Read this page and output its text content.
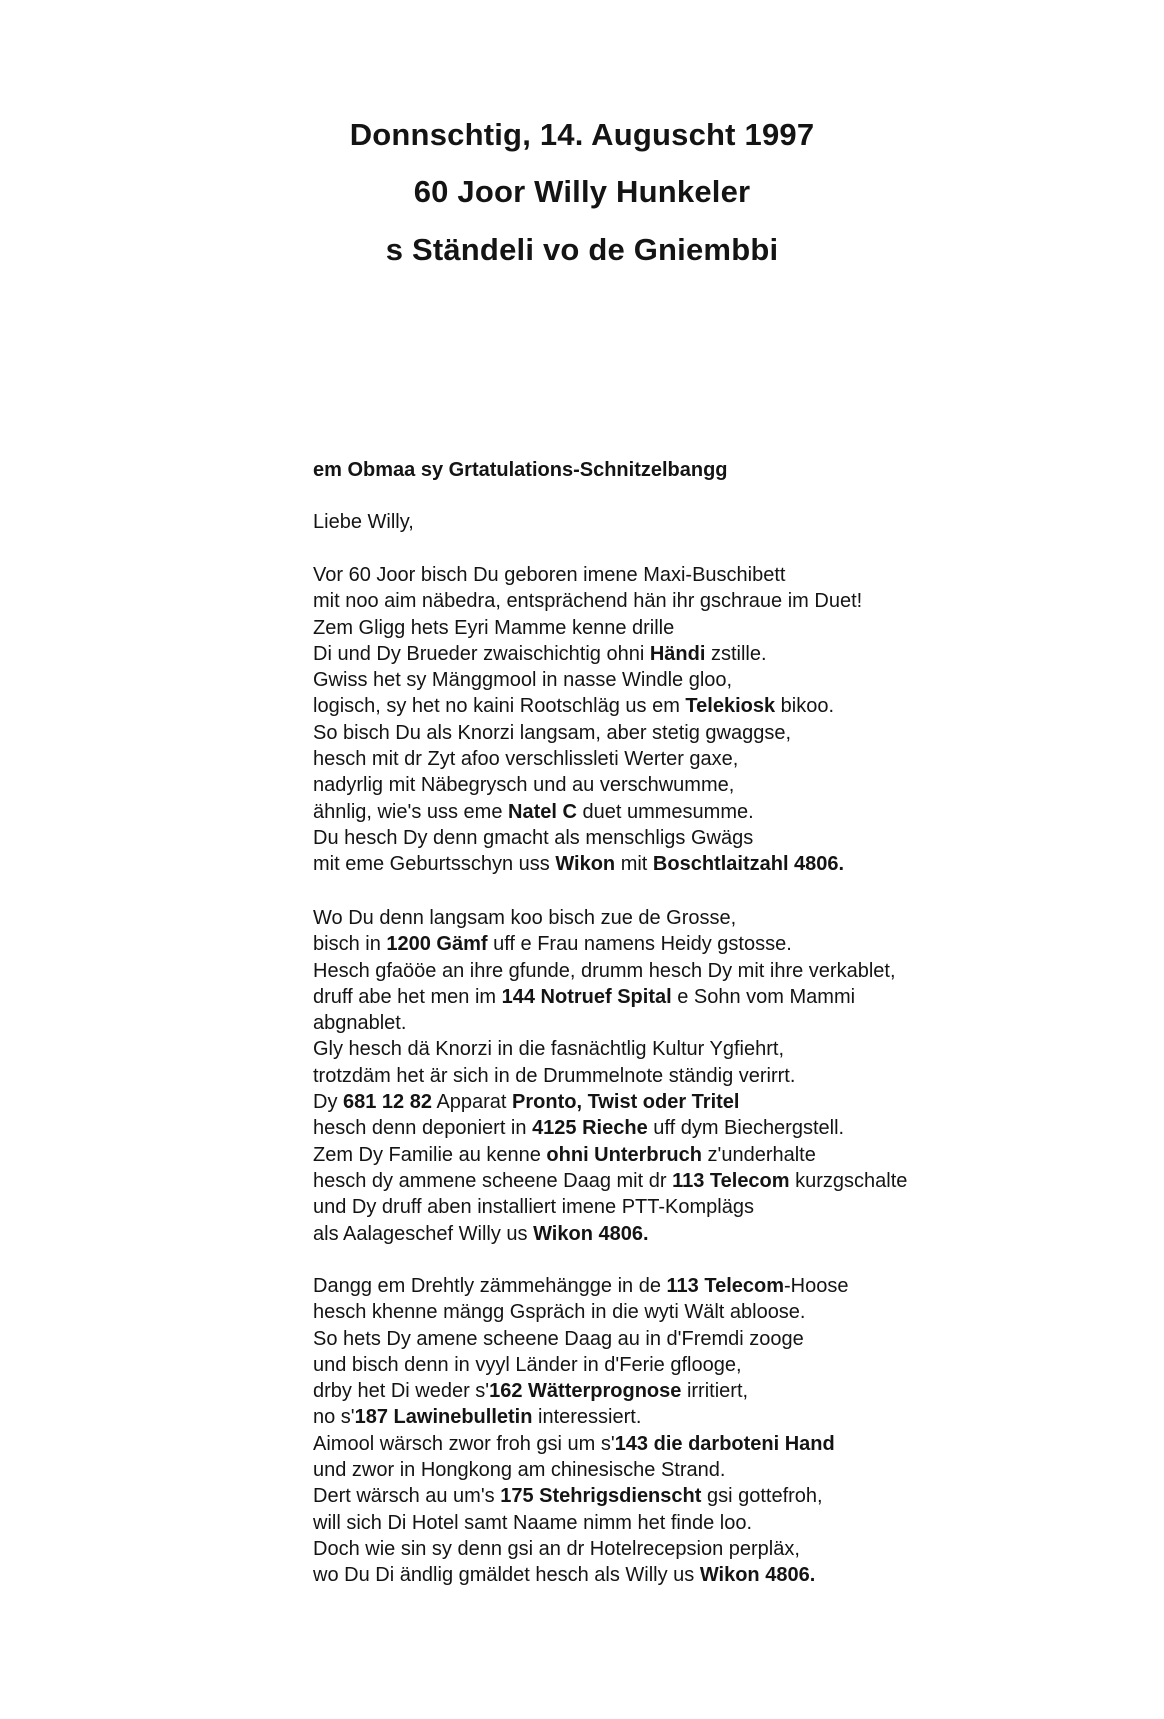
Donnschtig, 14. Auguscht 1997
60 Joor Willy Hunkeler
s Ständeli vo de Gniembbi
em Obmaa sy Grtatulations-Schnitzelbangg
Liebe Willy,
Vor 60 Joor bisch Du geboren imene Maxi-Buschibett
mit noo aim näbedra, entsprächend hän ihr gschraue im Duet!
Zem Gligg hets Eyri Mamme kenne drille
Di und Dy Brueder zwaischichtig ohni Händi zstille.
Gwiss het sy Mänggmool in nasse Windle gloo,
logisch, sy het no kaini Rootschläg us em Telekiosk bikoo.
So bisch Du als Knorzi langsam, aber stetig gwaggse,
hesch mit dr Zyt afoo verschlissleti Werter gaxe,
nadyrlig mit Näbegrysch und au verschwumme,
ähnlig, wie's uss eme Natel C duet ummesumme.
Du hesch Dy denn gmacht als menschligs Gwägs
mit eme Geburtsschyn uss Wikon mit Boschtlaitzahl 4806.
Wo Du denn langsam koo bisch zue de Grosse,
bisch in 1200 Gämf uff e Frau namens Heidy gstosse.
Hesch gfaööe an ihre gfunde, drumm hesch Dy mit ihre verkablet,
druff abe het men im 144 Notruef Spital e Sohn vom Mammi
abgnablet.
Gly hesch dä Knorzi in die fasnächtlig Kultur Ygfiehrt,
trotzdäm het är sich in de Drummelnote ständig verirrt.
Dy 681 12 82 Apparat Pronto, Twist oder Tritel
hesch denn deponiert in 4125 Rieche uff dym Biechergstell.
Zem Dy Familie au kenne ohni Unterbruch z'underhalte
hesch dy ammene scheene Daag mit dr 113 Telecom kurzgschalte
und Dy druff aben installiert imene PTT-Komplägs
als Aalageschef Willy us Wikon 4806.
Dangg em Drehtly zämmehängge in de 113 Telecom-Hoose
hesch khenne mängg Gspräch in die wyti Wält abloose.
So hets Dy amene scheene Daag au in d'Fremdi zooge
und bisch denn in vyyl Länder in d'Ferie gflooge,
drby het Di weder s'162 Wätterprognose irritiert,
no s'187 Lawinebulletin interessiert.
Aimool wärsch zwor froh gsi um s'143 die darboteni Hand
und zwor in Hongkong am chinesische Strand.
Dert wärsch au um's 175 Stehrigsdienscht gsi gottefroh,
will sich Di Hotel samt Naame nimm het finde loo.
Doch wie sin sy denn gsi an dr Hotelrecepsion perpläx,
wo Du Di ändlig gmäldet hesch als Willy us Wikon 4806.
